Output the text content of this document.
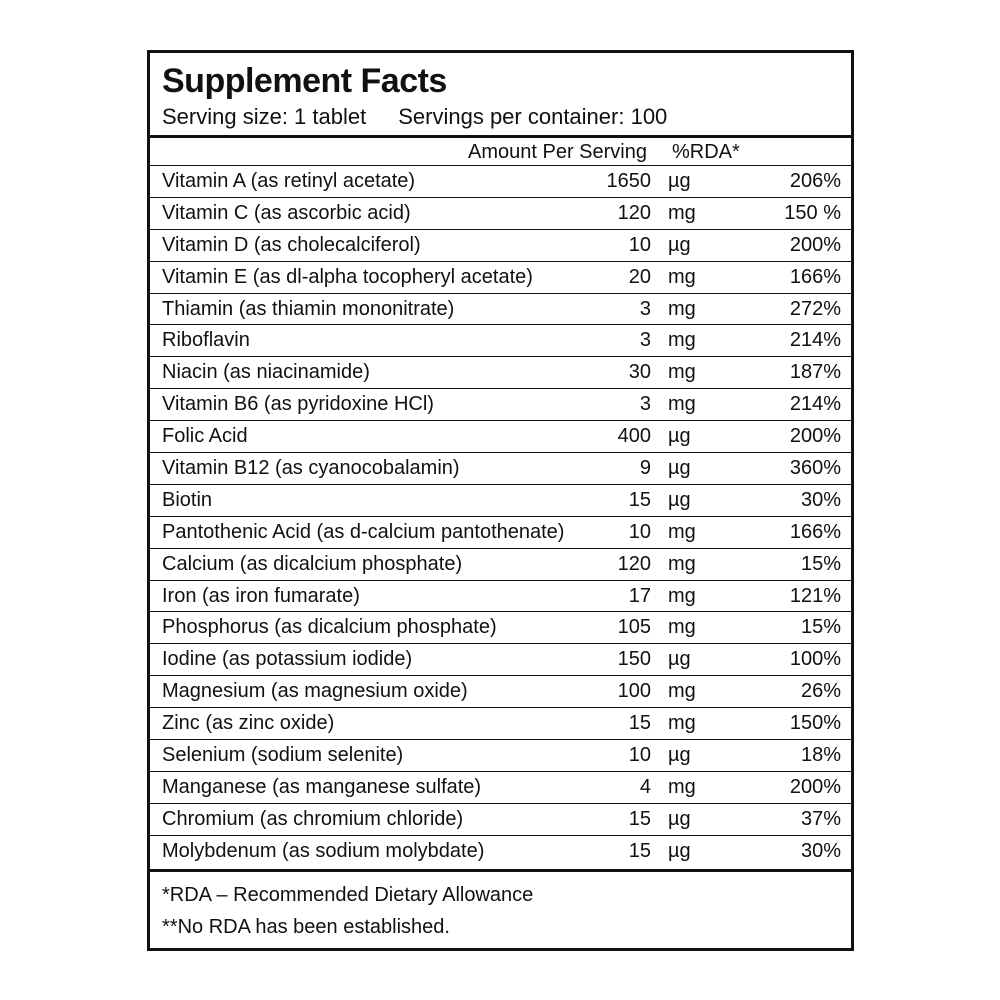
Supplement Facts
Serving size: 1 tablet Servings per container: 100
Amount Per Serving %RDA*
Vitamin A (as retinyl acetate)	1650 µg	206%
Vitamin C (as ascorbic acid)	120 mg	150 %
Vitamin D (as cholecalciferol)	10 µg	200%
Vitamin E (as dl-alpha tocopheryl acetate)	20 mg	166%
Thiamin (as thiamin mononitrate)	3 mg	272%
Riboflavin	3 mg	214%
Niacin (as niacinamide)	30 mg	187%
Vitamin B6 (as pyridoxine HCl)	3 mg	214%
Folic Acid	400 µg	200%
Vitamin B12 (as cyanocobalamin)	9 µg	360%
Biotin	15 µg	30%
Pantothenic Acid (as d-calcium pantothenate)	10 mg	166%
Calcium (as dicalcium phosphate)	120 mg	15%
Iron (as iron fumarate)	17 mg	121%
Phosphorus (as dicalcium phosphate)	105 mg	15%
Iodine (as potassium iodide)	150 µg	100%
Magnesium (as magnesium oxide)	100 mg	26%
Zinc (as zinc oxide)	15 mg	150%
Selenium (sodium selenite)	10 µg	18%
Manganese (as manganese sulfate)	4 mg	200%
Chromium (as chromium chloride)	15 µg	37%
Molybdenum (as sodium molybdate)	15 µg	30%
*RDA – Recommended Dietary Allowance
**No RDA has been established.
